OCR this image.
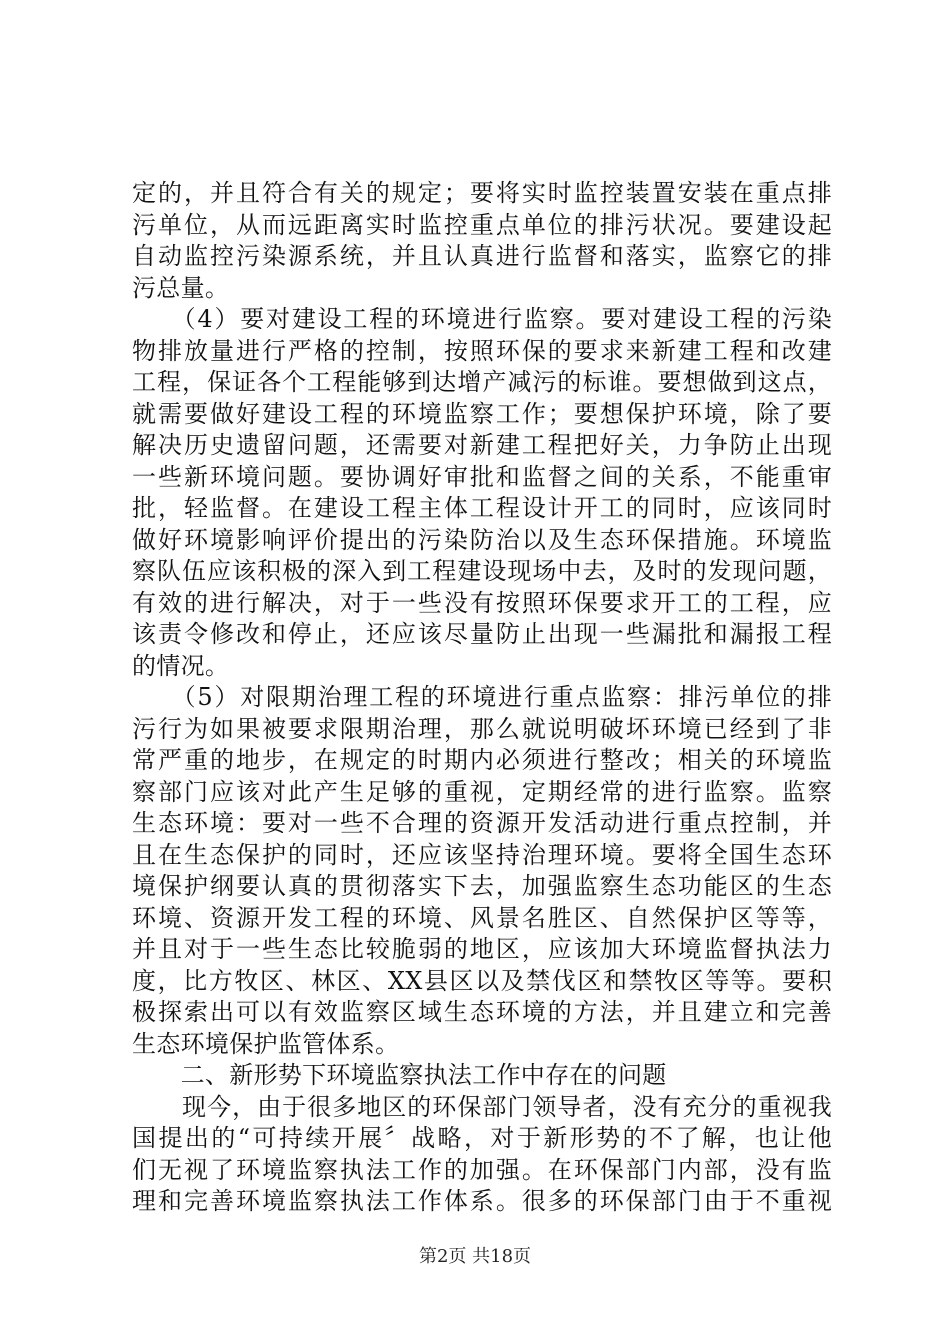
定的，并且符合有关的规定；要将实时监控装置安装在重点排
污单位，从而远距离实时监控重点单位的排污状况。要建设起
自动监控污染源系统，并且认真进行监督和落实，监察它的排
污总量。
　　（4）要对建设工程的环境进行监察。要对建设工程的污染
物排放量进行严格的控制，按照环保的要求来新建工程和改建
工程，保证各个工程能够到达增产减污的标谁。要想做到这点，
就需要做好建设工程的环境监察工作；要想保护环境，除了要
解决历史遗留问题，还需要对新建工程把好关，力争防止出现
一些新环境问题。要协调好审批和监督之间的关系，不能重审
批，轻监督。在建设工程主体工程设计开工的同时，应该同时
做好环境影响评价提出的污染防治以及生态环保措施。环境监
察队伍应该积极的深入到工程建设现场中去，及时的发现问题，
有效的进行解决，对于一些没有按照环保要求开工的工程，应
该责令修改和停止，还应该尽量防止出现一些漏批和漏报工程
的情况。
　　（5）对限期治理工程的环境进行重点监察：排污单位的排
污行为如果被要求限期治理，那么就说明破坏环境已经到了非
常严重的地步，在规定的时期内必须进行整改；相关的环境监
察部门应该对此产生足够的重视，定期经常的进行监察。监察
生态环境：要对一些不合理的资源开发活动进行重点控制，并
且在生态保护的同时，还应该坚持治理环境。要将全国生态环
境保护纲要认真的贯彻落实下去，加强监察生态功能区的生态
环境、资源开发工程的环境、风景名胜区、自然保护区等等，
并且对于一些生态比较脆弱的地区，应该加大环境监督执法力
度，比方牧区、林区、XX县区以及禁伐区和禁牧区等等。要积
极探索出可以有效监察区域生态环境的方法，并且建立和完善
生态环境保护监管体系。
　　二、新形势下环境监察执法工作中存在的问题
　　现今，由于很多地区的环保部门领导者，没有充分的重视我
国提出的“可持续开展〞战略，对于新形势的不了解，也让他
们无视了环境监察执法工作的加强。在环保部门内部，没有监
理和完善环境监察执法工作体系。很多的环保部门由于不重视
第2页 共18页
